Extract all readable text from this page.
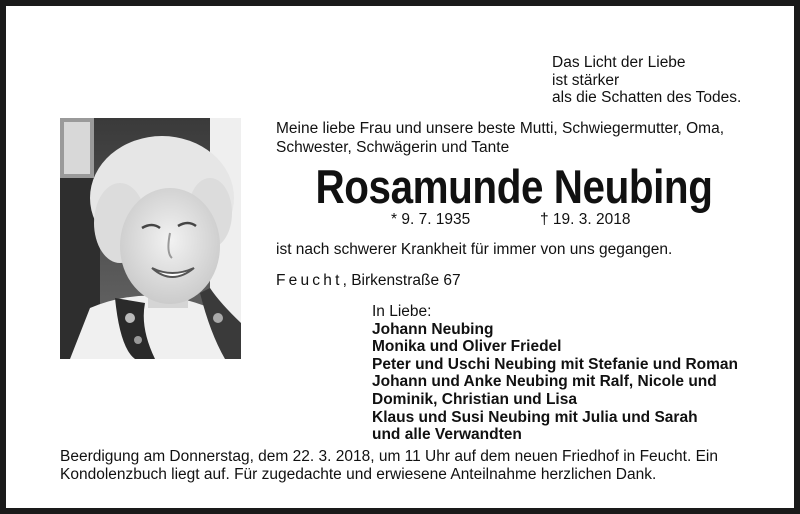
Das Licht der Liebe
ist stärker
als die Schatten des Todes.
Meine liebe Frau und unsere beste Mutti, Schwiegermutter, Oma,
Schwester, Schwägerin und Tante
Rosamunde Neubing
* 9. 7. 1935	† 19. 3. 2018
ist nach schwerer Krankheit für immer von uns gegangen.
Feucht, Birkenstraße 67
In Liebe:
Johann Neubing
Monika und Oliver Friedel
Peter und Uschi Neubing mit Stefanie und Roman
Johann und Anke Neubing mit Ralf, Nicole und
Dominik, Christian und Lisa
Klaus und Susi Neubing mit Julia und Sarah
und alle Verwandten
Beerdigung am Donnerstag, dem 22. 3. 2018, um 11 Uhr auf dem neuen Friedhof in Feucht. Ein
Kondolenzbuch liegt auf. Für zugedachte und erwiesene Anteilnahme herzlichen Dank.
